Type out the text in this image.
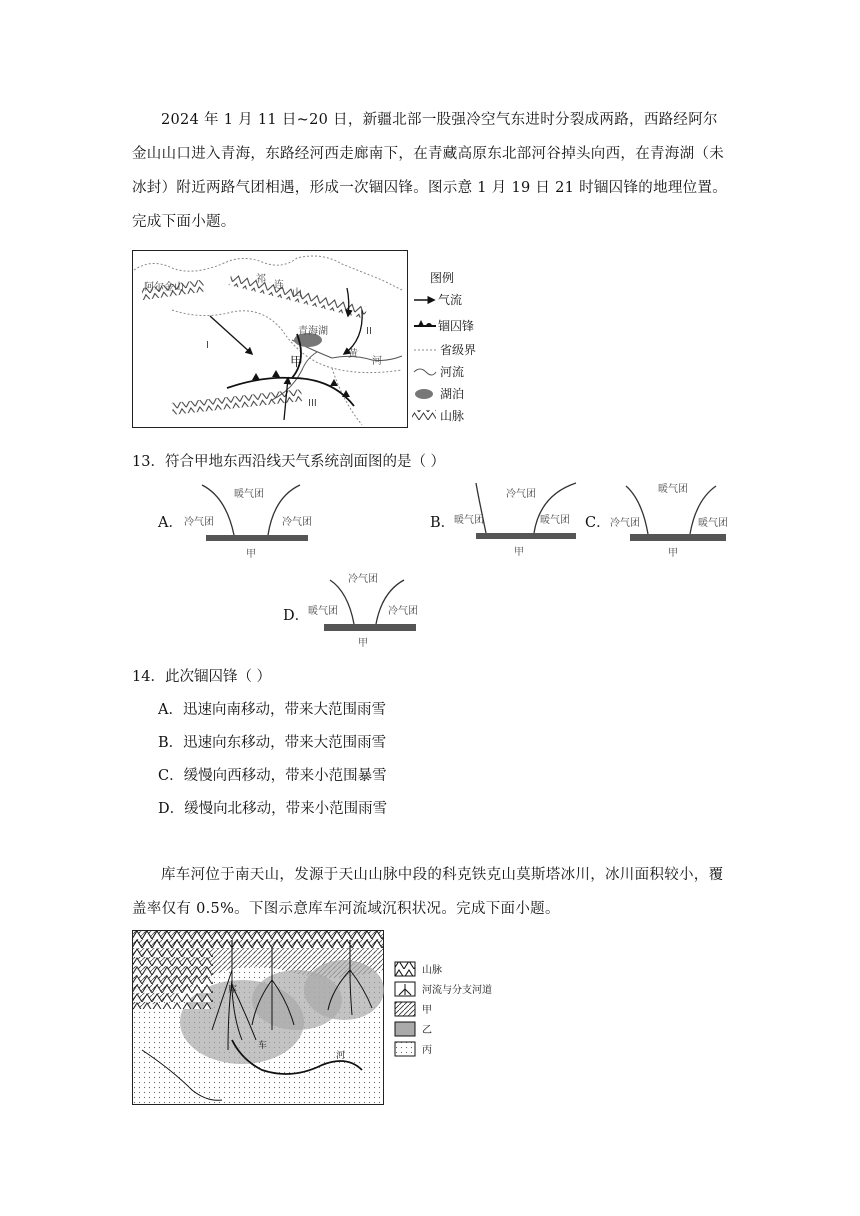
2024 年 1 月 11 日~20 日，新疆北部一股强冷空气东进时分裂成两路，西路经阿尔金山山口进入青海，东路经河西走廊南下，在青藏高原东北部河谷掉头向西，在青海湖（未冰封）附近两路气团相遇，形成一次锢囚锋。图示意 1 月 19 日 21 时锢囚锋的地理位置。完成下面小题。
阿尔金山
祁
连
山
青海湖
黄
河
甲
I
II
III
图例
气流
锢囚锋
省级界
河流
湖泊
山脉
13．符合甲地东西沿线天气系统剖面图的是（ ）
A．
暖气团
冷气团	冷气团
甲
B．
冷气团
暖气团	暖气团
甲
C．
暖气团
冷气团	暖气团
甲
D．
冷气团
暖气团	冷气团
甲
14．此次锢囚锋（ ）
A．迅速向南移动，带来大范围雨雪
B．迅速向东移动，带来大范围雨雪
C．缓慢向西移动，带来小范围暴雪
D．缓慢向北移动，带来小范围雨雪
库车河位于南天山，发源于天山山脉中段的科克铁克山莫斯塔冰川，冰川面积较小，覆盖率仅有 0.5%。下图示意库车河流域沉积状况。完成下面小题。
库
车
河
山脉
河流与分支河道
甲
乙
丙
